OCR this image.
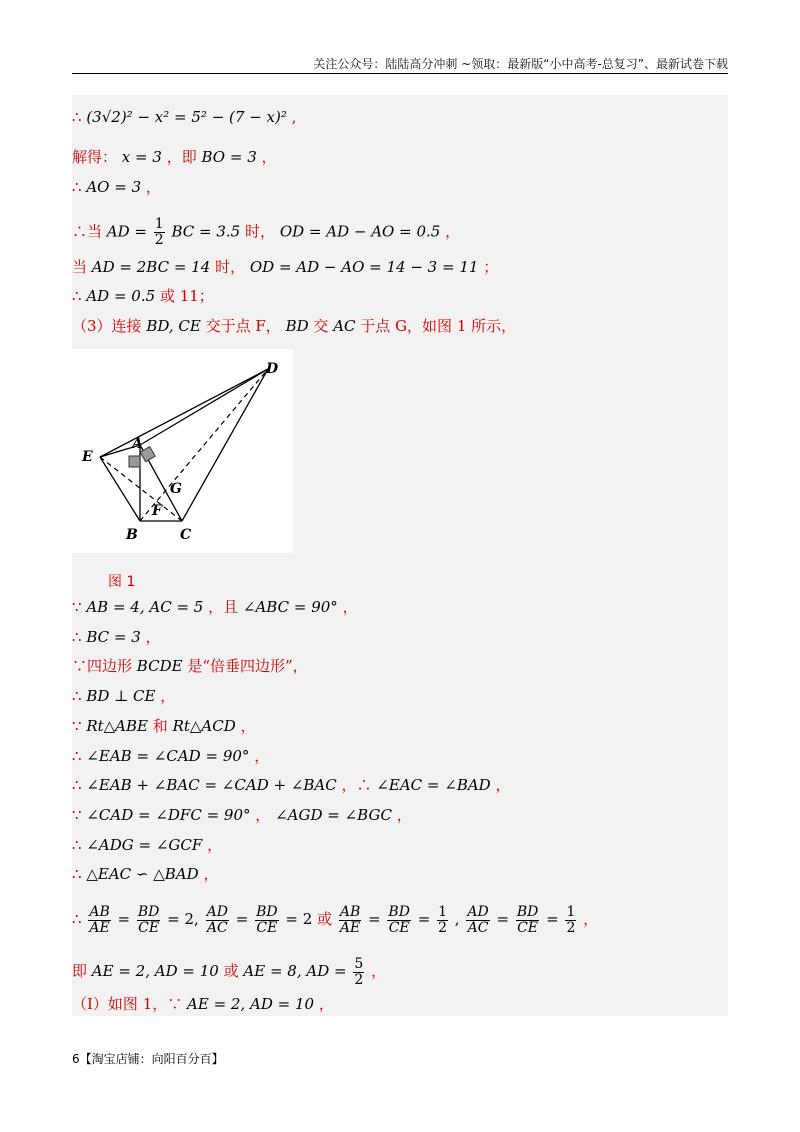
关注公众号：陆陆高分冲刺 ~领取：最新版“小中高考-总复习”、最新试卷下载
∴ (3√2)² − x² = 5² − (7 − x)² ,
解得： x = 3 ，即 BO = 3 ，
∴ AO = 3 ，
∴当 AD = $\frac{1}{2}$ BC = 3.5 时， OD = AD − AO = 0.5 ，
当 AD = 2BC = 14 时， OD = AD − AO = 14 − 3 = 11 ；
∴ AD = 0.5 或 11；
（3）连接 BD, CE 交于点 F， BD 交 AC 于点 G，如图 1 所示，
D
E
A
G
F
B	C
图 1
∵ AB = 4, AC = 5 ，且 ∠ABC = 90° ，
∴ BC = 3 ，
∵四边形 BCDE 是“倍垂四边形”，
∴ BD ⊥ CE ，
∵ Rt△ABE 和 Rt△ACD ，
∴ ∠EAB = ∠CAD = 90° ，
∴ ∠EAB + ∠BAC = ∠CAD + ∠BAC ，∴ ∠EAC = ∠BAD ，
∵ ∠CAD = ∠DFC = 90° ， ∠AGD = ∠BGC ，
∴ ∠ADG = ∠GCF ，
∴ △EAC ∽ △BAD ，
∴ $\frac{AB}{AE} = \frac{BD}{CE} = 2$, $\frac{AD}{AC} = \frac{BD}{CE} = 2$ 或 $\frac{AB}{AE} = \frac{BD}{CE} = \frac{1}{2}$ , $\frac{AD}{AC} = \frac{BD}{CE} = \frac{1}{2}$ ，
即 AE = 2, AD = 10 或 AE = 8, AD = $\frac{5}{2}$ ，
（Ⅰ）如图 1，∵ AE = 2, AD = 10 ，
6【淘宝店铺：向阳百分百】
